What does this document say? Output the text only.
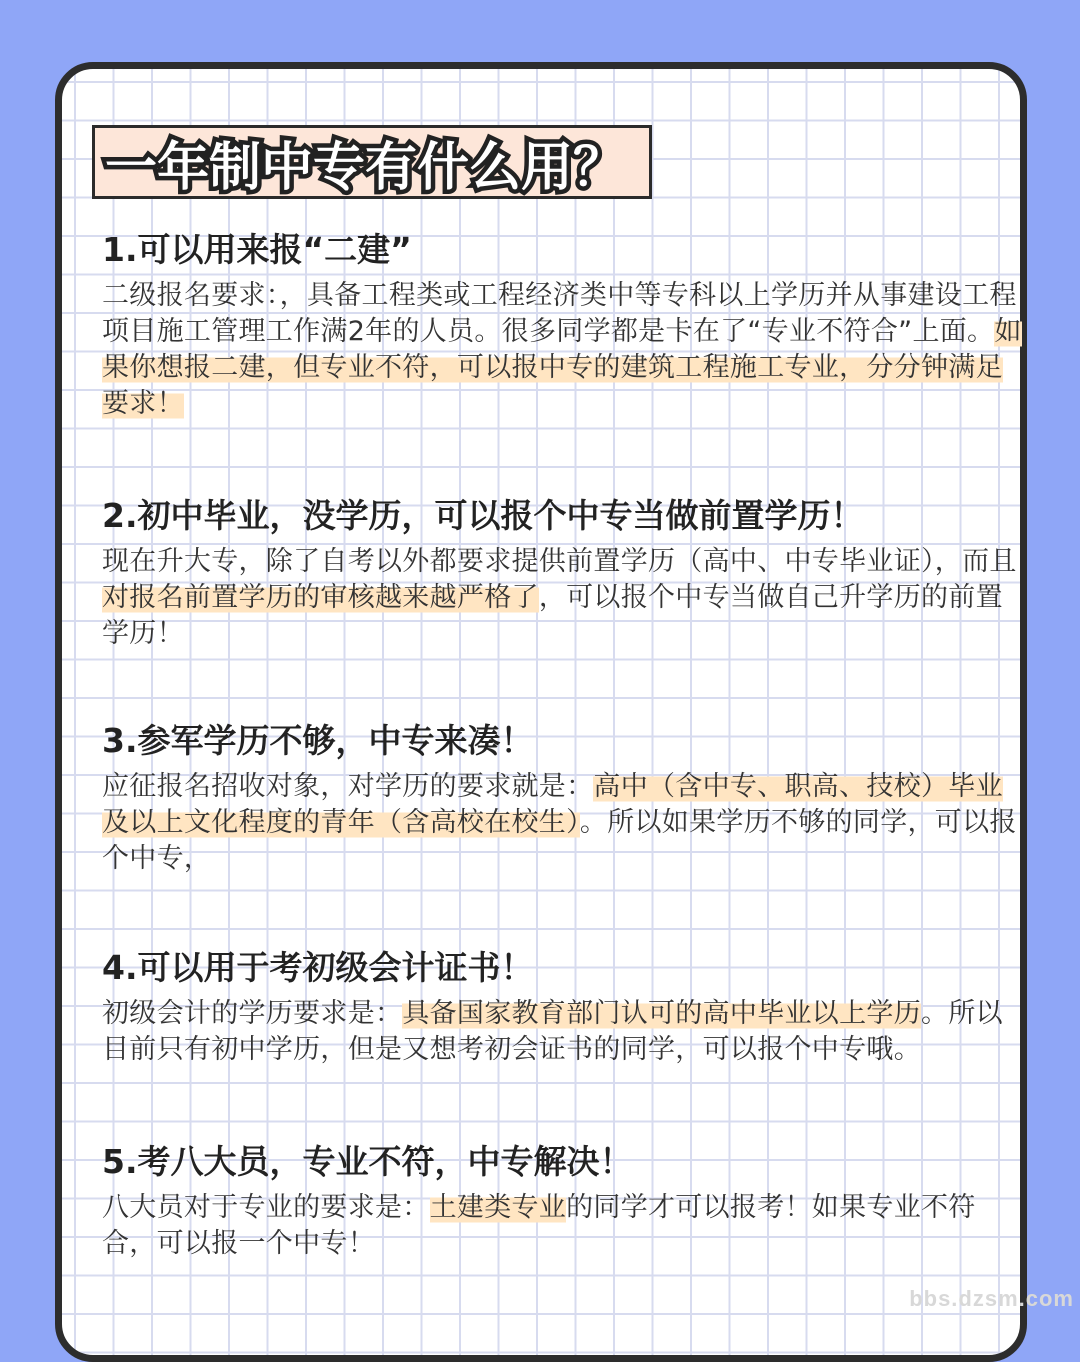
一年制中专有什么用？
1.可以用来报“二建”

二级报名要求：，具备工程类或工程经济类中等专科以上学历并从事建设工程项目施工管理工作满2年的人员。很多同学都是卡在了“专业不符合”上面。如果你想报二建，但专业不符，可以报中专的建筑工程施工专业，分分钟满足要求！

2.初中毕业，没学历，可以报个中专当做前置学历！

现在升大专，除了自考以外都要求提供前置学历（高中、中专毕业证），而且对报名前置学历的审核越来越严格了，可以报个中专当做自己升学历的前置学历！

3.参军学历不够，中专来凑！

应征报名招收对象，对学历的要求就是：高中（含中专、职高、技校）毕业及以上文化程度的青年（含高校在校生）。所以如果学历不够的同学，可以报个中专，

4.可以用于考初级会计证书！

初级会计的学历要求是：具备国家教育部门认可的高中毕业以上学历。所以目前只有初中学历，但是又想考初会证书的同学，可以报个中专哦。

5.考八大员，专业不符，中专解决！

八大员对于专业的要求是：土建类专业的同学才可以报考！如果专业不符合，可以报一个中专！

bbs.dzsm.com
